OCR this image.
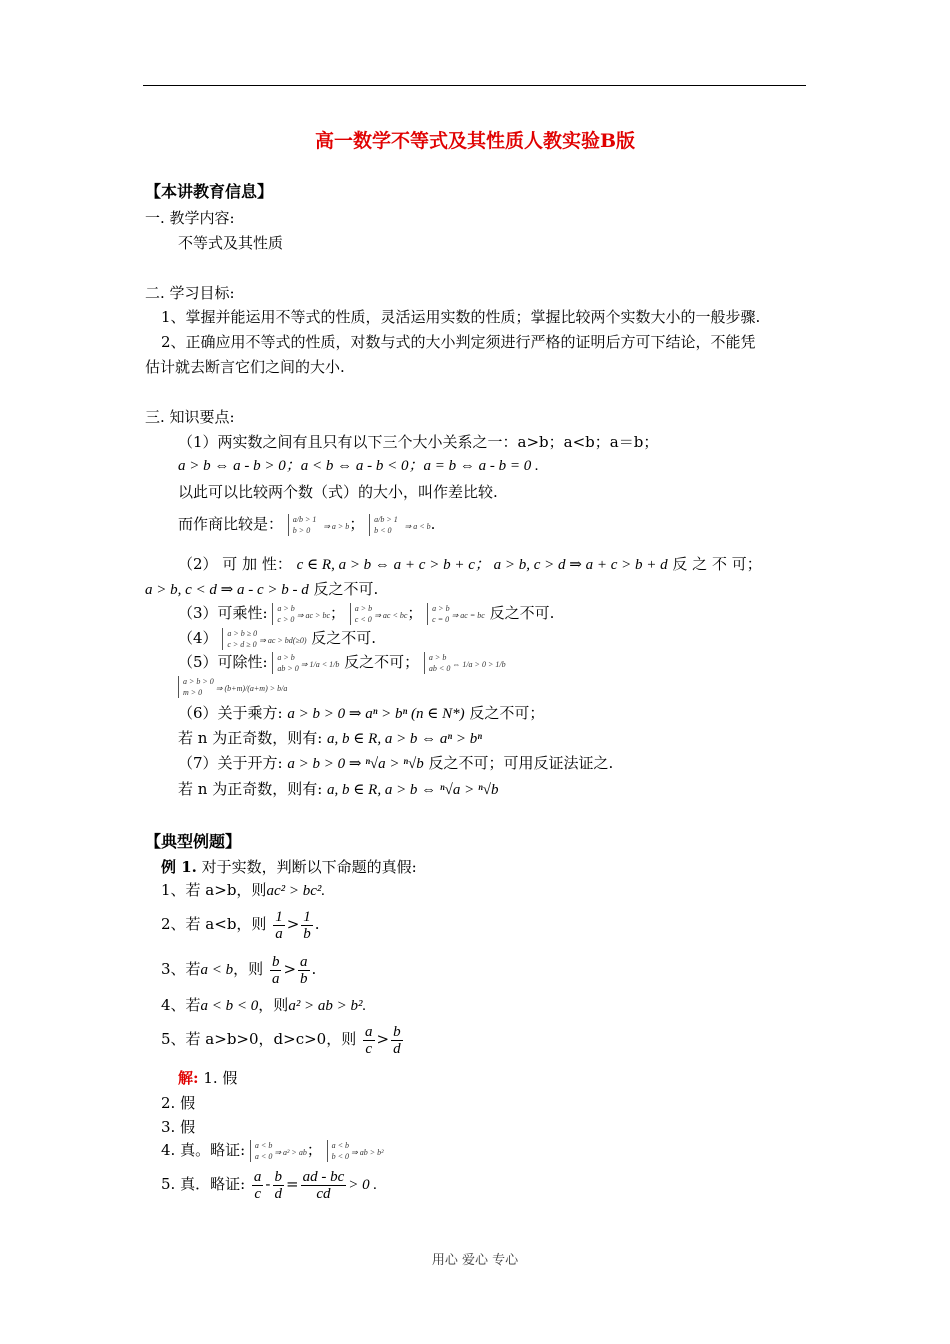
高一数学不等式及其性质人教实验B版
【本讲教育信息】
一. 教学内容:
不等式及其性质
二. 学习目标:
1、掌握并能运用不等式的性质，灵活运用实数的性质；掌握比较两个实数大小的一般步骤.
2、正确应用不等式的性质，对数与式的大小判定须进行严格的证明后方可下结论，不能凭
估计就去断言它们之间的大小.
三. 知识要点:
（1）两实数之间有且只有以下三个大小关系之一：a>b；a<b；a＝b；
a > b ⇔ a - b > 0；a < b ⇔ a - b < 0；a = b ⇔ a - b = 0 .
以此可以比较两个数（式）的大小，叫作差比较.
而作商比较是： a/b > 1
b > 0 ⇒ a > b； a/b > 1
b < 0 ⇒ a < b.
（2） 可 加 性： c ∈ R, a > b ⇔ a + c > b + c； a > b, c > d ⇒ a + c > b + d 反 之 不 可；
a > b, c < d ⇒ a - c > b - d 反之不可.
（3）可乘性: a > b
c > 0 ⇒ ac > bc； a > b
c < 0 ⇒ ac < bc； a > b
c = 0 ⇒ ac = bc 反之不可.
（4） a > b ≥ 0
c > d ≥ 0 ⇒ ac > bd(≥0) 反之不可.
（5）可除性: a > b
ab > 0 ⇒ 1/a < 1/b 反之不可； a > b
ab < 0 ⇔ 1/a > 0 > 1/b
a > b > 0
m > 0 ⇒ (b+m)/(a+m) > b/a
（6）关于乘方: a > b > 0 ⇒ aⁿ > bⁿ (n ∈ N*) 反之不可；
若 n 为正奇数，则有: a, b ∈ R, a > b ⇔ aⁿ > bⁿ
（7）关于开方: a > b > 0 ⇒ ⁿ√a > ⁿ√b 反之不可；可用反证法证之.
若 n 为正奇数，则有: a, b ∈ R, a > b ⇔ ⁿ√a > ⁿ√b
【典型例题】
例 1. 对于实数，判断以下命题的真假:
1、若 a>b，则ac² > bc².
2、若 a<b，则 $\frac{1}{a} > \frac{1}{b}$ .
3、若a < b，则 $\frac{b}{a} > \frac{a}{b}$ .
4、若a < b < 0，则a² > ab > b².
5、若 a>b>0，d>c>0，则 $\frac{a}{c} > \frac{b}{d}$
解: 1. 假
2. 假
3. 假
4. 真。略证: a < b
a < 0 ⇒ a² > ab； a < b
b < 0 ⇒ ab > b²
5. 真．略证: $\frac{a}{c} - \frac{b}{d} = \frac{ad - bc}{cd} > 0$ .
用心 爱心 专心
